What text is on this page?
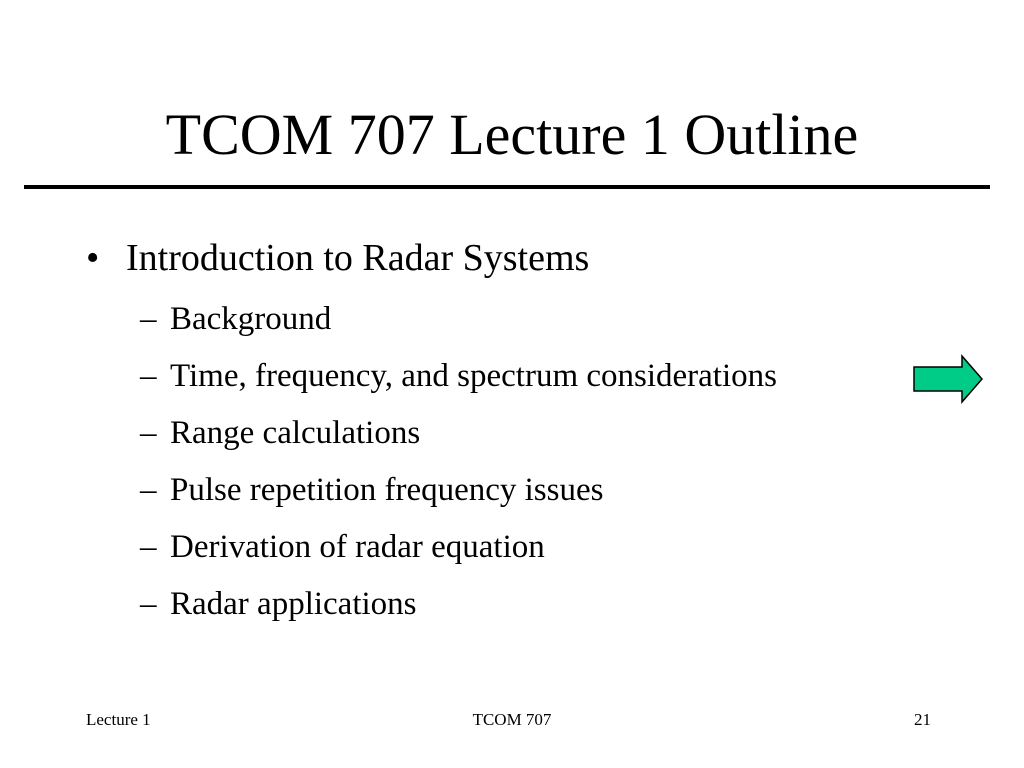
TCOM 707 Lecture 1 Outline
• Introduction to Radar Systems
– Background
– Time, frequency, and spectrum considerations
– Range calculations
– Pulse repetition frequency issues
– Derivation of radar equation
– Radar applications
Lecture 1	TCOM 707	21
